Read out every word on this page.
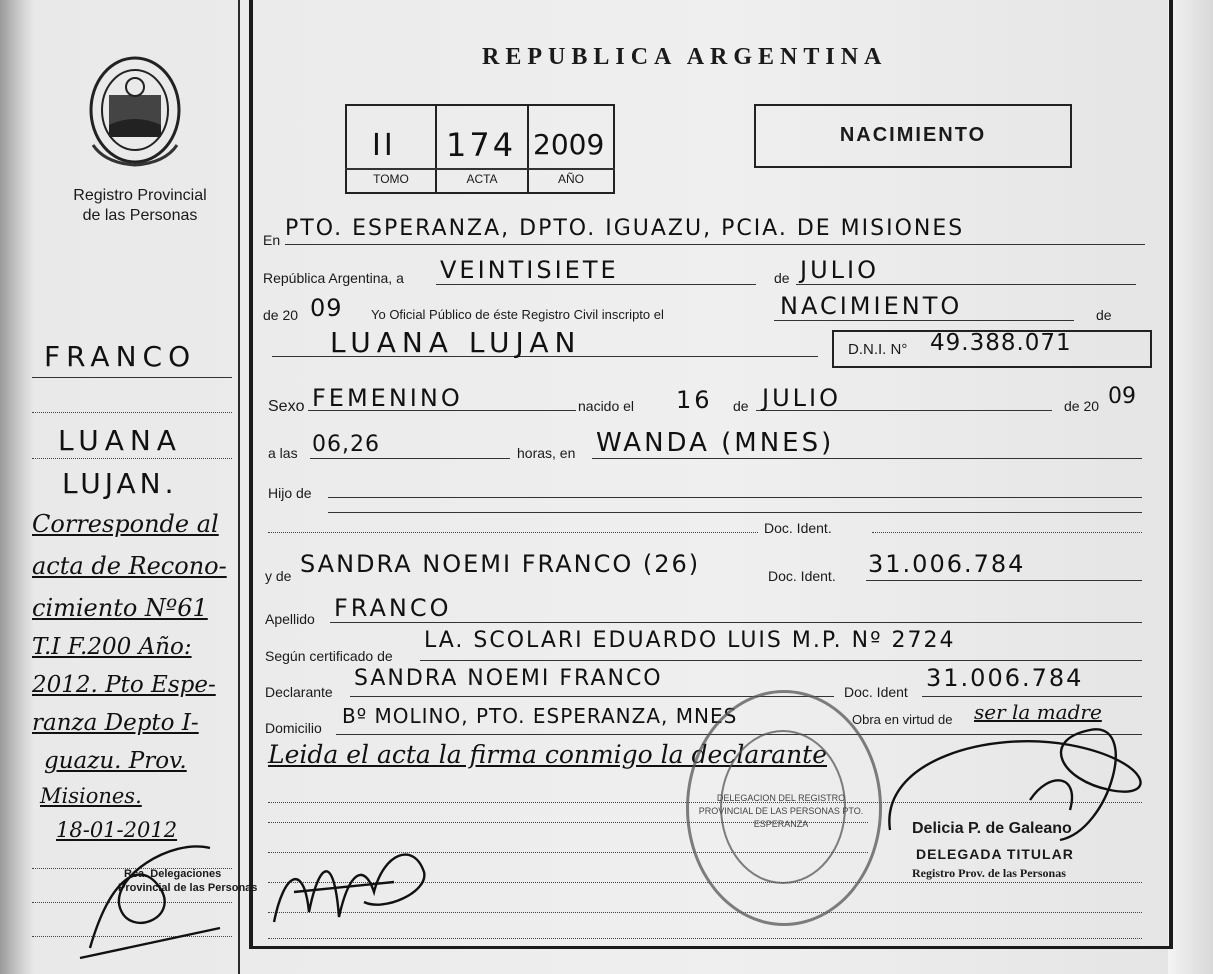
Registro Provincial
de las Personas
REPUBLICA ARGENTINA
II 174 2009
TOMO	ACTA	AÑO
NACIMIENTO
En PTO. ESPERANZA, DPTO. IGUAZU, PCIA. DE MISIONES
República Argentina, a VEINTISIETE	de JULIO
de 20 09 Yo Oficial Público de éste Registro Civil inscripto el	NACIMIENTO	de
LUANA LUJAN	D.N.I. N° 49.388.071
Sexo FEMENINO	nacido el 16 de JULIO	de 20 09
a las 06,26	horas, en WANDA (MNES)
Hijo de
Doc. Ident.
y de SANDRA NOEMI FRANCO (26)	Doc. Ident. 31.006.784
Apellido FRANCO
Según certificado de
LA. SCOLARI EDUARDO LUIS M.P. Nº 2724
Declarante
SANDRA NOEMI FRANCO
Doc. Ident 31.006.784
Domicilio Bº MOLINO, PTO. ESPERANZA, MNES	Obra en virtud de ser la madre
Leida el acta la firma conmigo la declarante
DELEGACION DEL REGISTRO PROVINCIAL DE LAS PERSONAS PTO. ESPERANZA	Delicia P. de Galeano
DELEGADA TITULAR
Registro Prov. de las Personas
FRANCO
LUANA
LUJAN.
Corresponde al
acta de Recono-
cimiento Nº61
T.I F.200 Año:
2012. Pto Espe-
ranza Depto I-
guazu. Prov.
Misiones.
18-01-2012
Rca. Delegaciones
Provincial de las Personas
